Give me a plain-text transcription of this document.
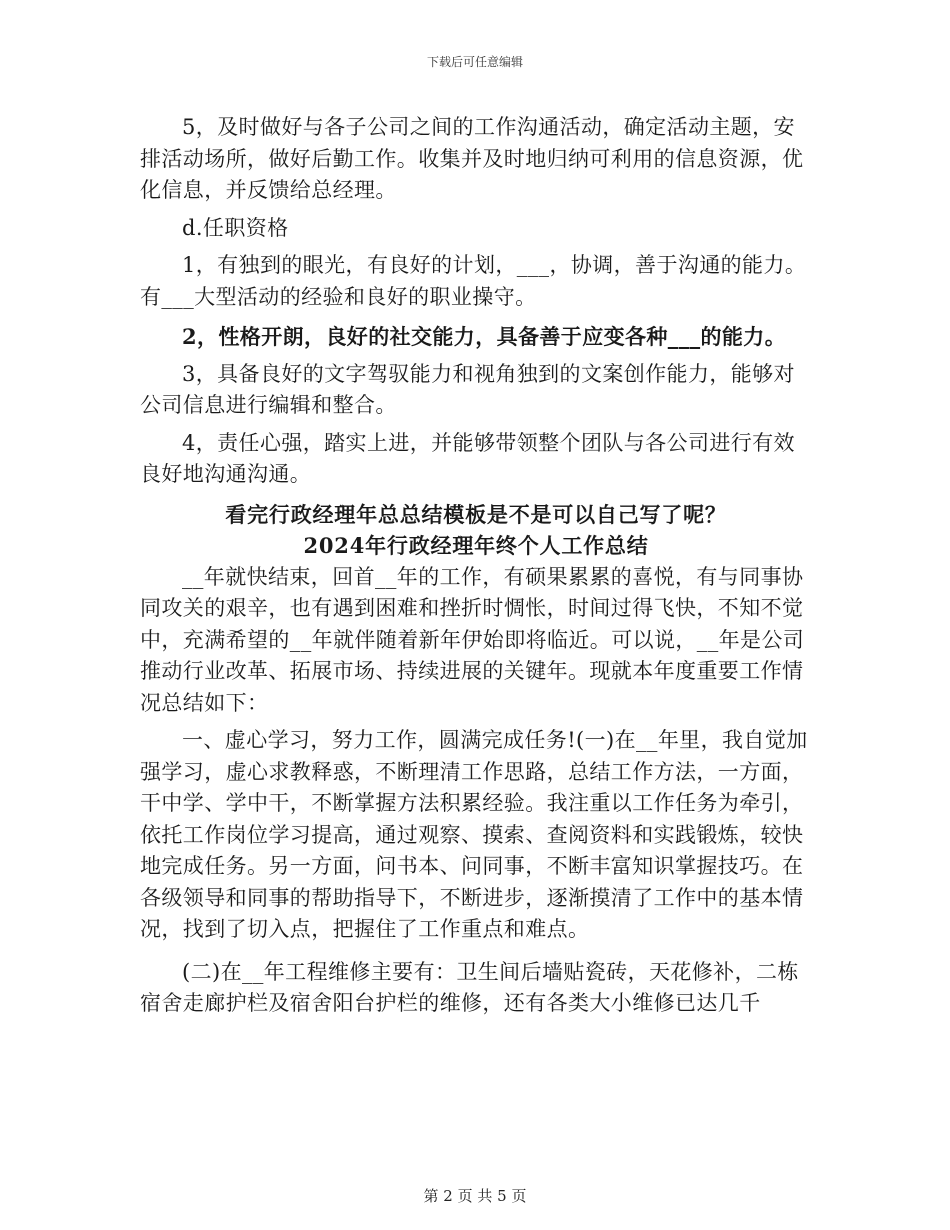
下载后可任意编辑

5，及时做好与各子公司之间的工作沟通活动，确定活动主题，安排活动场所，做好后勤工作。收集并及时地归纳可利用的信息资源，优化信息，并反馈给总经理。

d.任职资格

1，有独到的眼光，有良好的计划，___，协调，善于沟通的能力。有___大型活动的经验和良好的职业操守。

2，性格开朗，良好的社交能力，具备善于应变各种___的能力。

3，具备良好的文字驾驭能力和视角独到的文案创作能力，能够对公司信息进行编辑和整合。

4，责任心强，踏实上进，并能够带领整个团队与各公司进行有效良好地沟通沟通。

看完行政经理年总总结模板是不是可以自己写了呢？

2024年行政经理年终个人工作总结

__年就快结束，回首__年的工作，有硕果累累的喜悦，有与同事协同攻关的艰辛，也有遇到困难和挫折时惆怅，时间过得飞快，不知不觉中，充满希望的__年就伴随着新年伊始即将临近。可以说，__年是公司推动行业改革、拓展市场、持续进展的关键年。现就本年度重要工作情况总结如下：

一、虚心学习，努力工作，圆满完成任务!(一)在__年里，我自觉加强学习，虚心求教释惑，不断理清工作思路，总结工作方法，一方面，干中学、学中干，不断掌握方法积累经验。我注重以工作任务为牵引，依托工作岗位学习提高，通过观察、摸索、查阅资料和实践锻炼，较快地完成任务。另一方面，问书本、问同事，不断丰富知识掌握技巧。在各级领导和同事的帮助指导下，不断进步，逐渐摸清了工作中的基本情况，找到了切入点，把握住了工作重点和难点。

(二)在__年工程维修主要有：卫生间后墙贴瓷砖，天花修补，二栋宿舍走廊护栏及宿舍阳台护栏的维修，还有各类大小维修已达几千

第 2 页 共 5 页
